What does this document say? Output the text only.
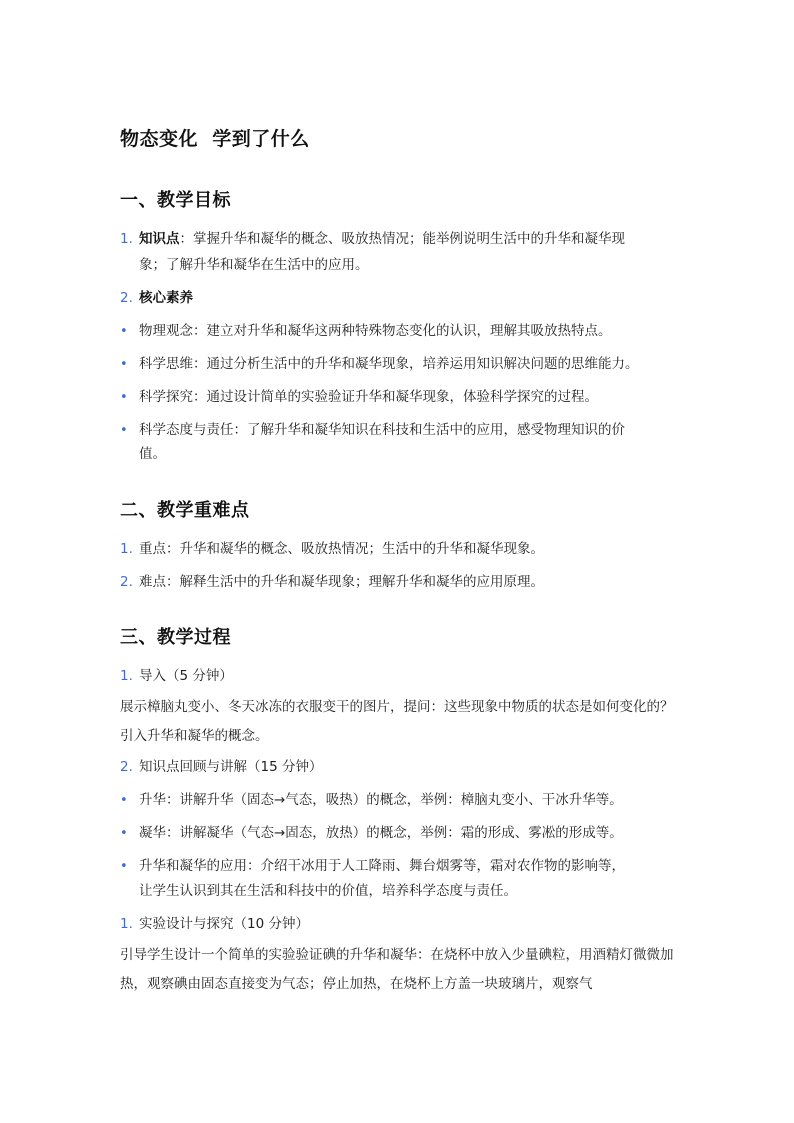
物态变化  学到了什么
一、教学目标
1. 知识点：掌握升华和凝华的概念、吸放热情况；能举例说明生活中的升华和凝华现
象；了解升华和凝华在生活中的应用。
2. 核心素养
• 物理观念：建立对升华和凝华这两种特殊物态变化的认识，理解其吸放热特点。
• 科学思维：通过分析生活中的升华和凝华现象，培养运用知识解决问题的思维能力。
• 科学探究：通过设计简单的实验验证升华和凝华现象，体验科学探究的过程。
• 科学态度与责任：了解升华和凝华知识在科技和生活中的应用，感受物理知识的价
值。
二、教学重难点
1. 重点：升华和凝华的概念、吸放热情况；生活中的升华和凝华现象。
2. 难点：解释生活中的升华和凝华现象；理解升华和凝华的应用原理。
三、教学过程
1. 导入（5 分钟）
展示樟脑丸变小、冬天冰冻的衣服变干的图片，提问：这些现象中物质的状态是如何变化的？引入升华和凝华的概念。
2. 知识点回顾与讲解（15 分钟）
• 升华：讲解升华（固态→气态，吸热）的概念，举例：樟脑丸变小、干冰升华等。
• 凝华：讲解凝华（气态→固态，放热）的概念，举例：霜的形成、雾凇的形成等。
• 升华和凝华的应用：介绍干冰用于人工降雨、舞台烟雾等，霜对农作物的影响等，
让学生认识到其在生活和科技中的价值，培养科学态度与责任。
1. 实验设计与探究（10 分钟）
引导学生设计一个简单的实验验证碘的升华和凝华：在烧杯中放入少量碘粒，用酒精灯微微加热，观察碘由固态直接变为气态；停止加热，在烧杯上方盖一块玻璃片，观察气
